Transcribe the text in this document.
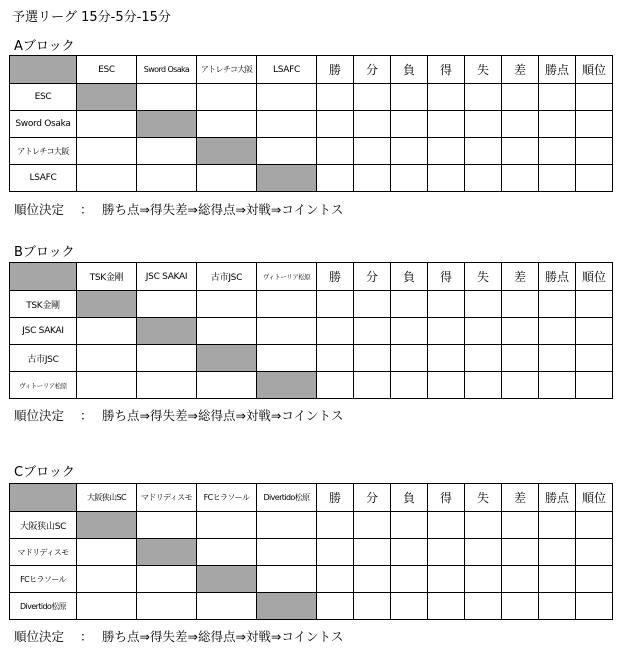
予選リーグ 15分-5分-15分
Aブロック
	ESC	Sword Osaka	アトレチコ大阪	LSAFC	勝	分	負	得	失	差	勝点	順位
ESC												
Sword Osaka												
アトレチコ大阪												
LSAFC												
順位決定 ： 勝ち点⇒得失差⇒総得点⇒対戦⇒コイントス
Bブロック
	TSK金剛	JSC SAKAI	古市JSC	ヴィトーリア松原	勝	分	負	得	失	差	勝点	順位
TSK金剛												
JSC SAKAI												
古市JSC												
ヴィトーリア松原												
順位決定 ： 勝ち点⇒得失差⇒総得点⇒対戦⇒コイントス
Cブロック
	大阪狭山SC	マドリディスモ	FCヒラソール	Divertido松原	勝	分	負	得	失	差	勝点	順位
大阪狭山SC												
マドリディスモ												
FCヒラソール												
Divertido松原												
順位決定 ： 勝ち点⇒得失差⇒総得点⇒対戦⇒コイントス
